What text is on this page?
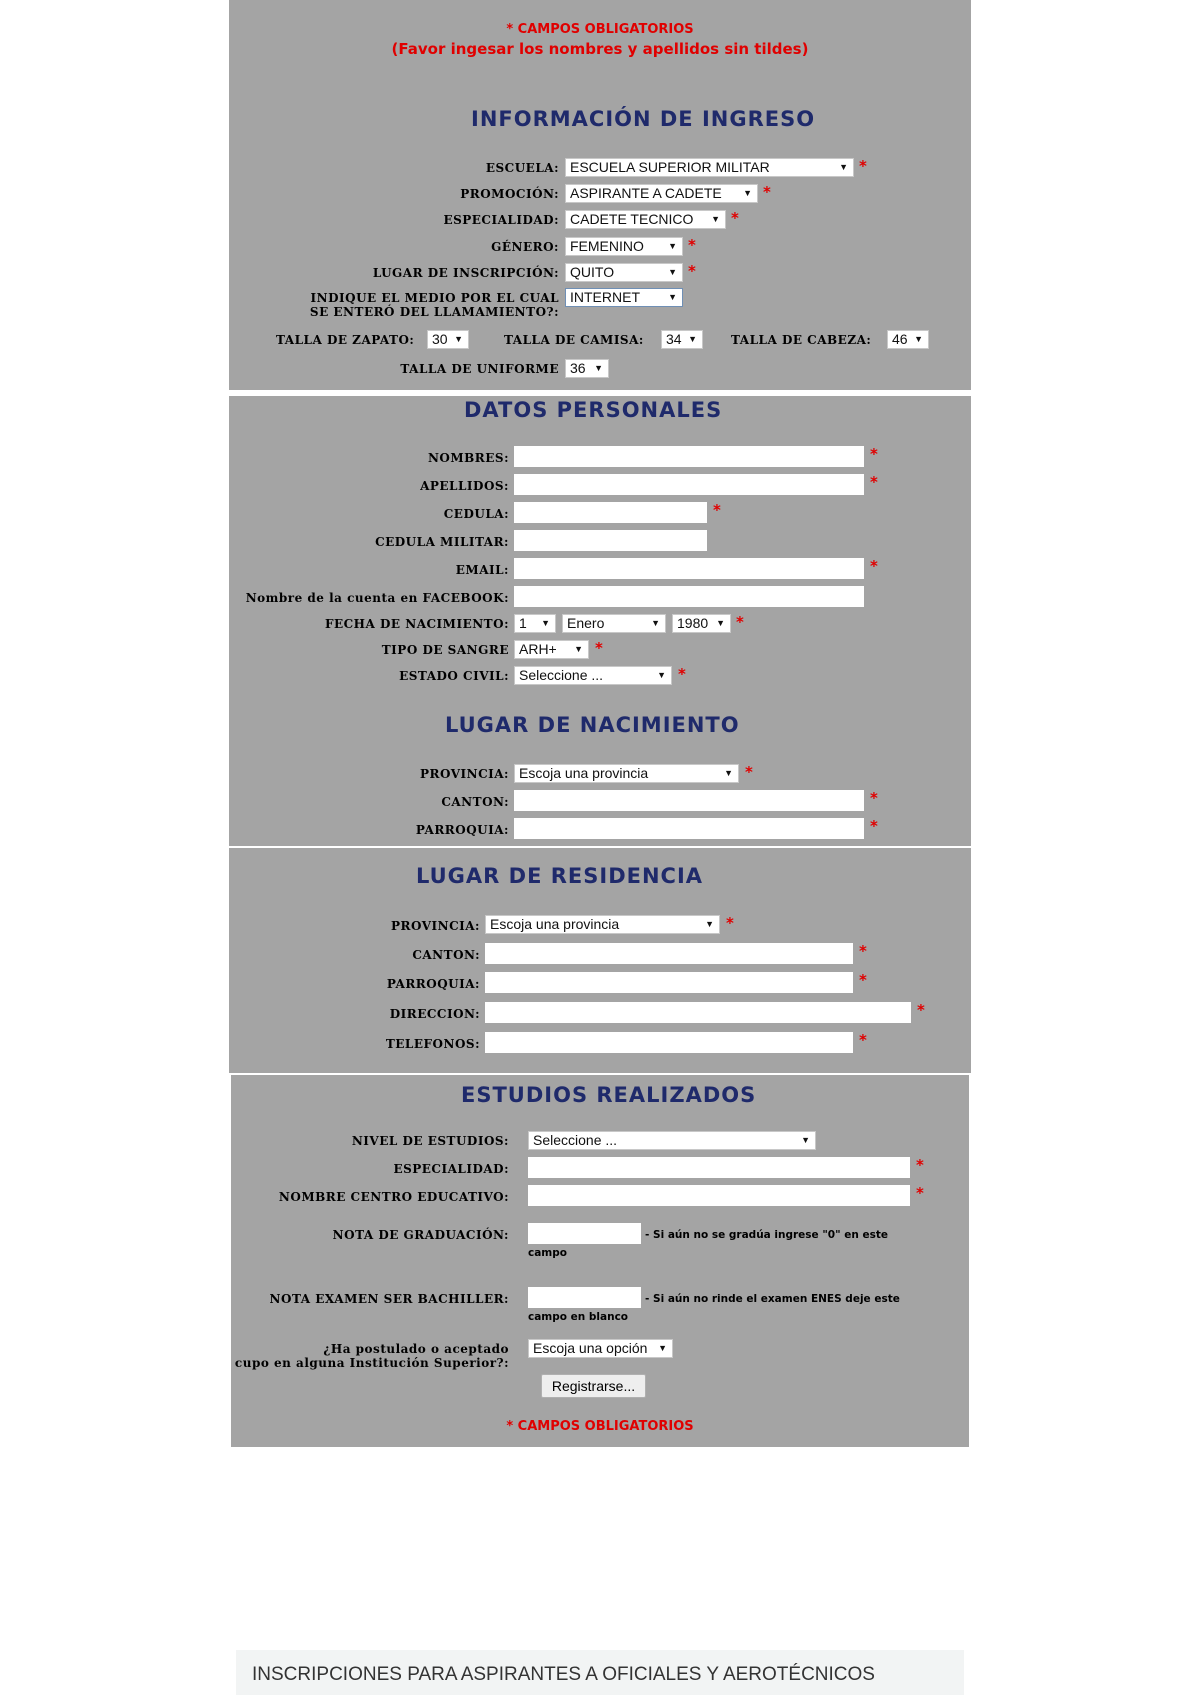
* CAMPOS OBLIGATORIOS
(Favor ingesar los nombres y apellidos sin tildes)
INFORMACIÓN DE INGRESO
ESCUELA: ESCUELA SUPERIOR MILITAR	▼ *
PROMOCIÓN: ASPIRANTE A CADETE ▼ *
ESPECIALIDAD: CADETE TECNICO ▼ *
GÉNERO: FEMENINO	▼ *
LUGAR DE INSCRIPCIÓN: QUITO	▼ *
INDIQUE EL MEDIO POR EL CUAL
SE ENTERÓ DEL LLAMAMIENTO?:
INTERNET	▼
TALLA DE ZAPATO:	30 ▼	TALLA DE CAMISA:	34 ▼	TALLA DE CABEZA:	46 ▼
TALLA DE UNIFORME 36 ▼
DATOS PERSONALES
NOMBRES:	*
APELLIDOS:	*
CEDULA:	*
CEDULA MILITAR:
EMAIL:	*
Nombre de la cuenta en FACEBOOK:
FECHA DE NACIMIENTO: 1 ▼	Enero	▼	1980 ▼ *
TIPO DE SANGRE ARH+ ▼ *
ESTADO CIVIL: Seleccione ...	▼ *
LUGAR DE NACIMIENTO
PROVINCIA: Escoja una provincia	▼ *
CANTON:	*
PARROQUIA:	*
LUGAR DE RESIDENCIA
PROVINCIA: Escoja una provincia	▼ *
CANTON:	*
PARROQUIA:	*
DIRECCION:	*
TELEFONOS:	*
ESTUDIOS REALIZADOS
NIVEL DE ESTUDIOS:	Seleccione ...	▼
ESPECIALIDAD:	*
NOMBRE CENTRO EDUCATIVO:	*
NOTA DE GRADUACIÓN:	- Si aún no se gradúa ingrese "0" en este
campo
NOTA EXAMEN SER BACHILLER:	- Si aún no rinde el examen ENES deje este
campo en blanco
¿Ha postulado o aceptado
cupo en alguna Institución Superior?:
Escoja una opción ▼
Registrarse...
* CAMPOS OBLIGATORIOS
INSCRIPCIONES PARA ASPIRANTES A OFICIALES Y AEROTÉCNICOS
